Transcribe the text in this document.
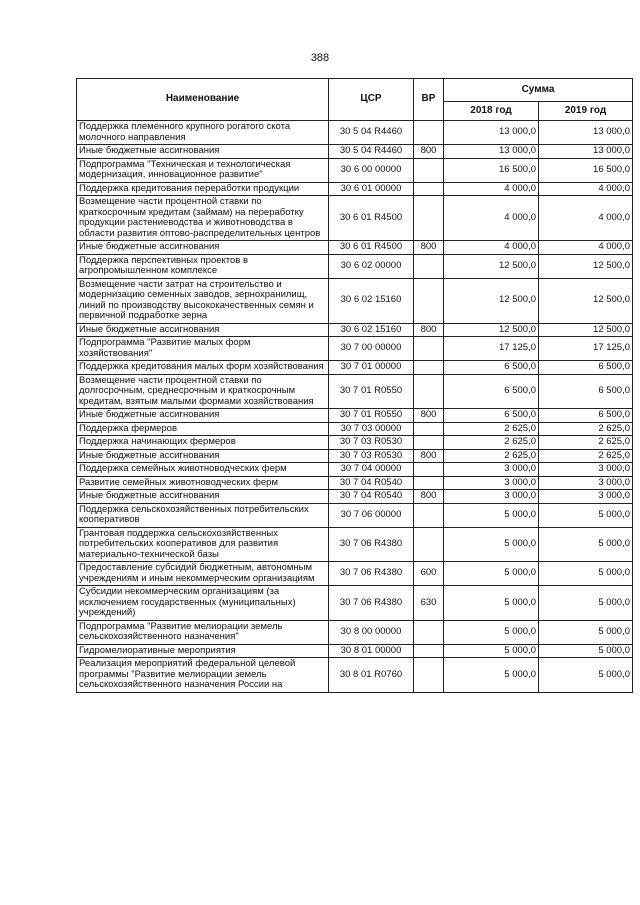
388
Наименование	ЦСР	ВР	Сумма	
			2018 год	2019 год
Поддержка племенного крупного рогатого скота молочного направления	30 5 04 R4460		13 000,0	13 000,0
Иные бюджетные ассигнования	30 5 04 R4460	800	13 000,0	13 000,0
Подпрограмма "Техническая и технологическая модернизация, инновационное развитие"	30 6 00 00000		16 500,0	16 500,0
Поддержка кредитования переработки продукции	30 6 01 00000		4 000,0	4 000,0
Возмещение части процентной ставки по краткосрочным кредитам (займам) на переработку продукции растениеводства и животноводства в области развития оптово-распределительных центров	30 6 01 R4500		4 000,0	4 000,0
Иные бюджетные ассигнования	30 6 01 R4500	800	4 000,0	4 000,0
Поддержка перспективных проектов в агропромышленном комплексе	30 6 02 00000		12 500,0	12 500,0
Возмещение части затрат на строительство и модернизацию семенных заводов, зернохранилищ, линий по производству высококачественных семян и первичной подработке зерна	30 6 02 15160		12 500,0	12 500,0
Иные бюджетные ассигнования	30 6 02 15160	800	12 500,0	12 500,0
Подпрограмма "Развитие малых форм хозяйствования"	30 7 00 00000		17 125,0	17 125,0
Поддержка кредитования малых форм хозяйствования	30 7 01 00000		6 500,0	6 500,0
Возмещение части процентной ставки по долгосрочным, среднесрочным и краткосрочным кредитам, взятым малыми формами хозяйствования	30 7 01 R0550		6 500,0	6 500,0
Иные бюджетные ассигнования	30 7 01 R0550	800	6 500,0	6 500,0
Поддержка фермеров	30 7 03 00000		2 625,0	2 625,0
Поддержка начинающих фермеров	30 7 03 R0530		2 625,0	2 625,0
Иные бюджетные ассигнования	30 7 03 R0530	800	2 625,0	2 625,0
Поддержка семейных животноводческих ферм	30 7 04 00000		3 000,0	3 000,0
Развитие семейных животноводческих ферм	30 7 04 R0540		3 000,0	3 000,0
Иные бюджетные ассигнования	30 7 04 R0540	800	3 000,0	3 000,0
Поддержка сельскохозяйственных потребительских кооперативов	30 7 06 00000		5 000,0	5 000,0
Грантовая поддержка сельскохозяйственных потребительских кооперативов для развития материально-технической базы	30 7 06 R4380		5 000,0	5 000,0
Предоставление субсидий бюджетным, автономным учреждениям и иным некоммерческим организациям	30 7 06 R4380	600	5 000,0	5 000,0
Субсидии некоммерческим организациям (за исключением государственных (муниципальных) учреждений)	30 7 06 R4380	630	5 000,0	5 000,0
Подпрограмма "Развитие мелиорации земель сельскохозяйственного назначения"	30 8 00 00000		5 000,0	5 000,0
Гидромелиоративные мероприятия	30 8 01 00000		5 000,0	5 000,0
Реализация мероприятий федеральной целевой программы "Развитие мелиорации земель сельскохозяйственного назначения России на	30 8 01 R0760		5 000,0	5 000,0
